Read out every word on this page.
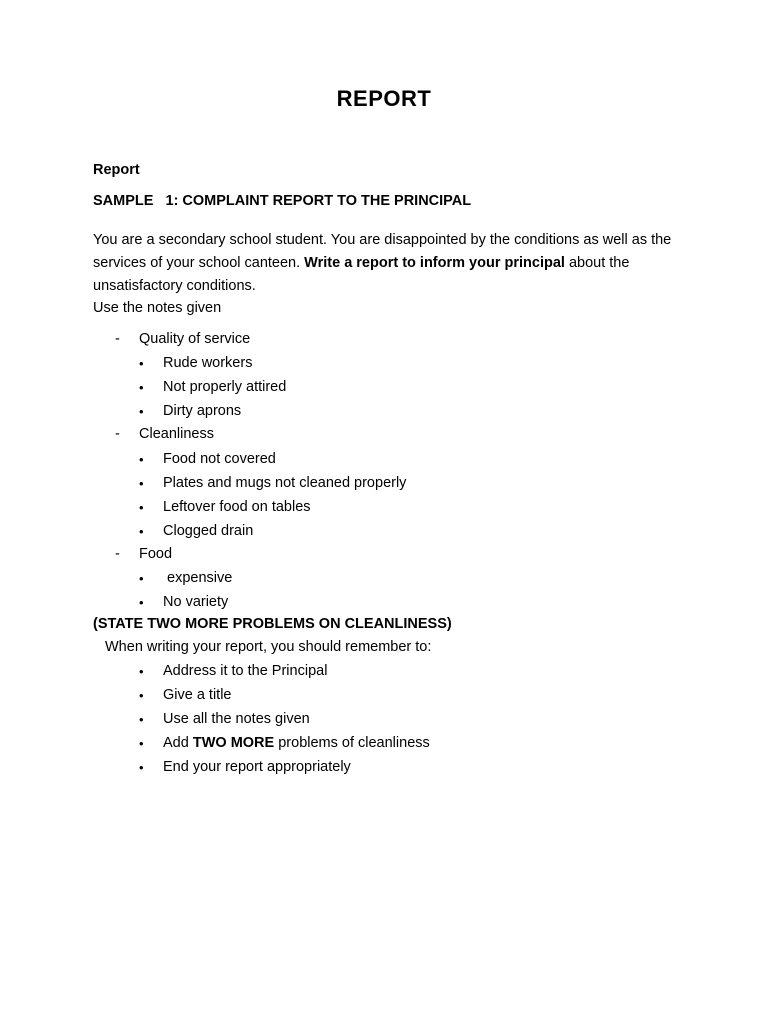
REPORT
Report
SAMPLE   1: COMPLAINT REPORT TO THE PRINCIPAL
You are a secondary school student. You are disappointed by the conditions as well as the services of your school canteen. Write a report to inform your principal about the unsatisfactory conditions.
Use the notes given
- Quality of service
• Rude workers
• Not properly attired
• Dirty aprons
- Cleanliness
• Food not covered
• Plates and mugs not cleaned properly
• Leftover food on tables
• Clogged drain
- Food
• expensive
• No variety
(STATE TWO MORE PROBLEMS ON CLEANLINESS)
When writing your report, you should remember to:
• Address it to the Principal
• Give a title
• Use all the notes given
• Add TWO MORE problems of cleanliness
• End your report appropriately
